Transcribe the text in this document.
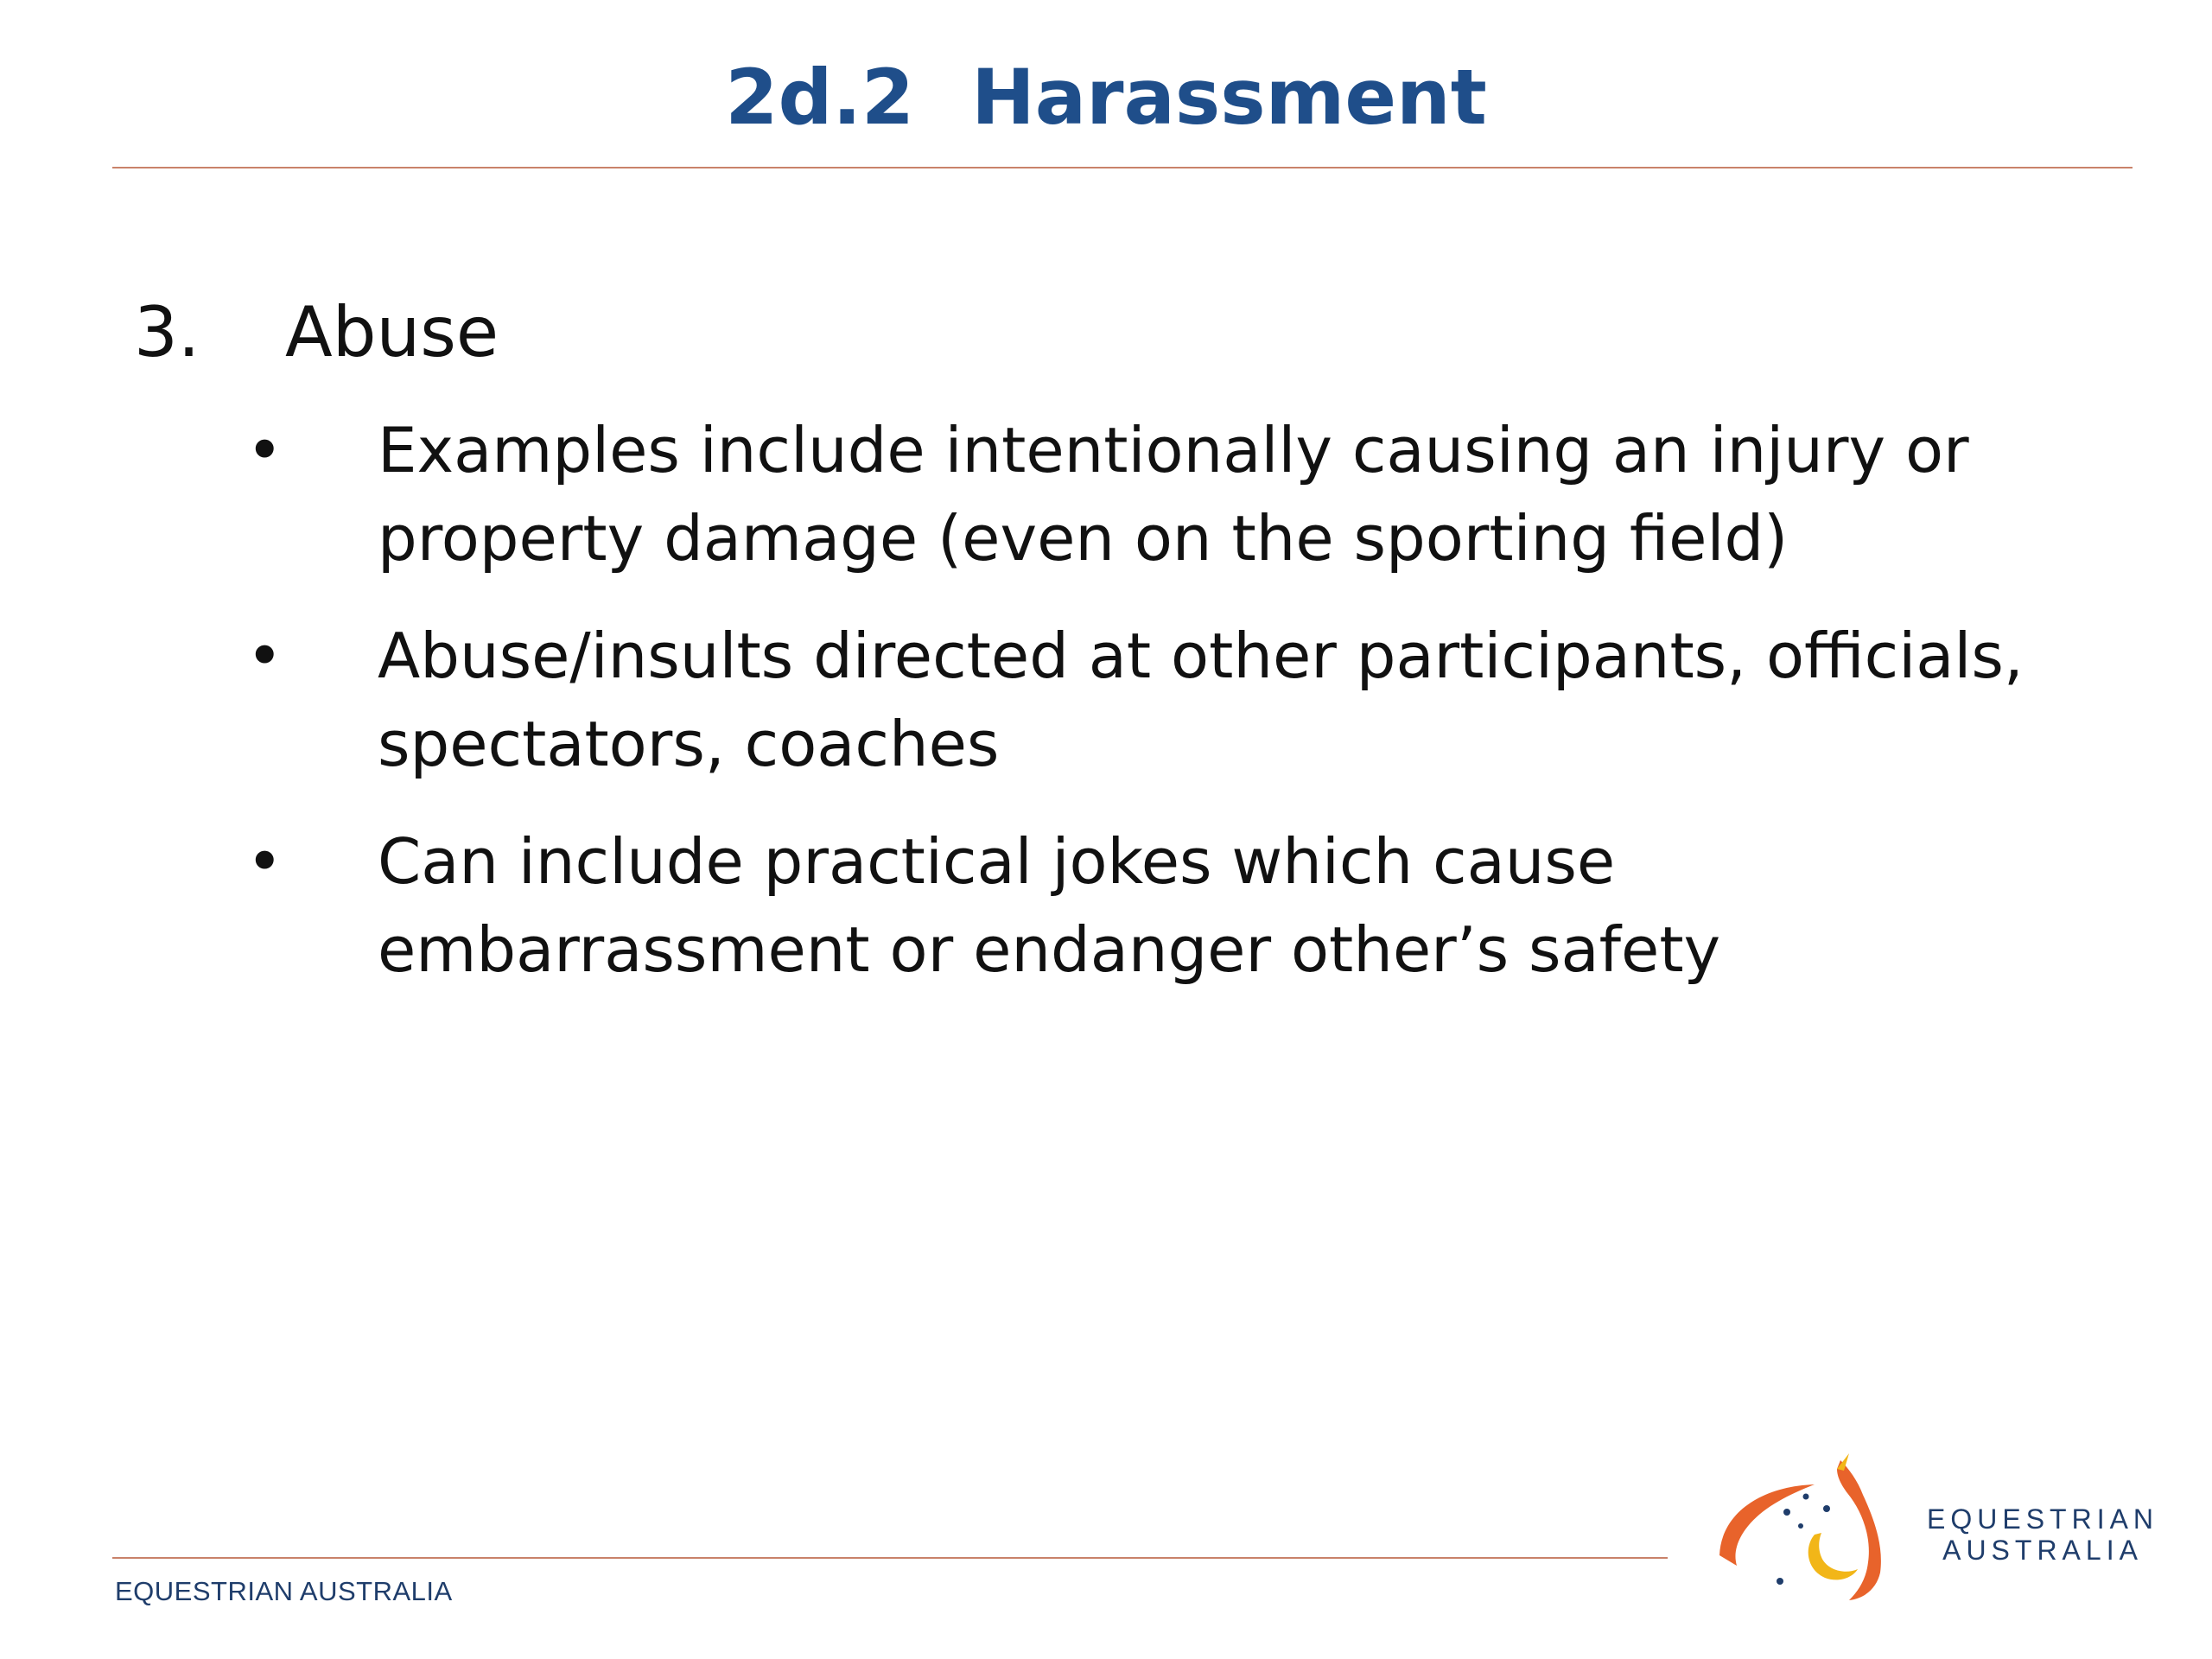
2d.2 Harassment
3. Abuse
• Examples include intentionally causing an injury or property damage (even on the sporting field)
• Abuse/insults directed at other participants, officials, spectators, coaches
• Can include practical jokes which cause embarrassment or endanger other’s safety
EQUESTRIAN AUSTRALIA
EQUESTRIAN
AUSTRALIA
